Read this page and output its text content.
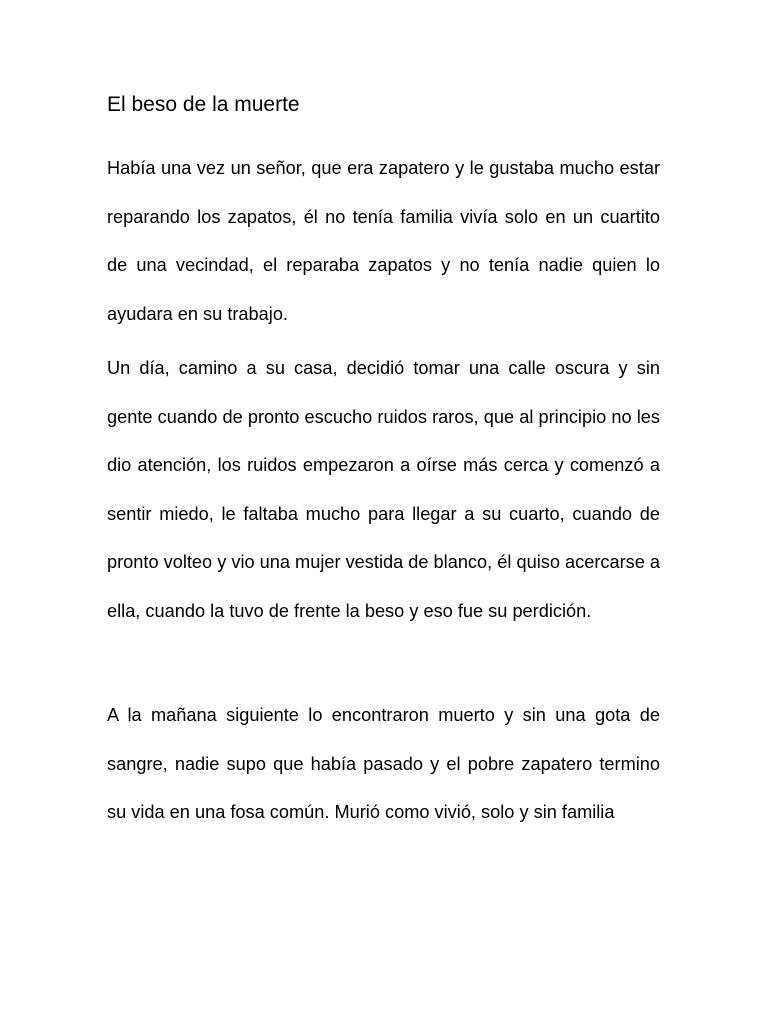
El beso de la muerte

Había una vez un señor, que era zapatero y le gustaba mucho estar reparando los zapatos, él no tenía familia vivía solo en un cuartito de una vecindad, el reparaba zapatos y no tenía nadie quien lo ayudara en su trabajo.

Un día, camino a su casa, decidió tomar una calle oscura y sin gente cuando de pronto escucho ruidos raros, que al principio no les dio atención, los ruidos empezaron a oírse más cerca y comenzó a sentir miedo, le faltaba mucho para llegar a su cuarto, cuando de pronto volteo y vio una mujer vestida de blanco, él quiso acercarse a ella, cuando la tuvo de frente la beso y eso fue su perdición.

A la mañana siguiente lo encontraron muerto y sin una gota de sangre, nadie supo que había pasado y el pobre zapatero termino su vida en una fosa común. Murió como vivió, solo y sin familia
